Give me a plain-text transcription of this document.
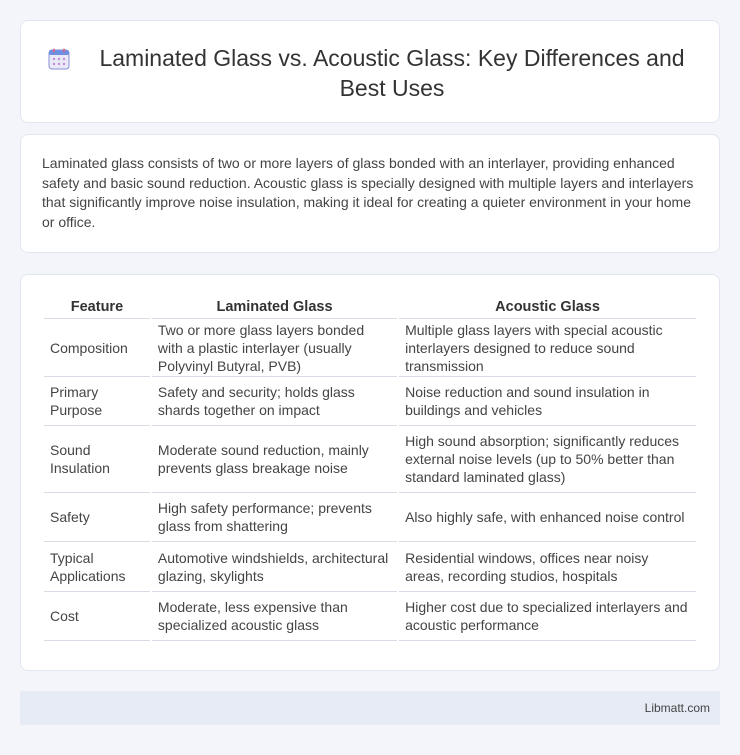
Laminated Glass vs. Acoustic Glass: Key Differences and Best Uses

Laminated glass consists of two or more layers of glass bonded with an interlayer, providing enhanced safety and basic sound reduction. Acoustic glass is specially designed with multiple layers and interlayers that significantly improve noise insulation, making it ideal for creating a quieter environment in your home or office.

Feature	Laminated Glass	Acoustic Glass
Composition	Two or more glass layers bonded with a plastic interlayer (usually Polyvinyl Butyral, PVB)	Multiple glass layers with special acoustic interlayers designed to reduce sound transmission
Primary Purpose	Safety and security; holds glass shards together on impact	Noise reduction and sound insulation in buildings and vehicles
Sound Insulation	Moderate sound reduction, mainly prevents glass breakage noise	High sound absorption; significantly reduces external noise levels (up to 50% better than standard laminated glass)
Safety	High safety performance; prevents glass from shattering	Also highly safe, with enhanced noise control
Typical Applications	Automotive windshields, architectural glazing, skylights	Residential windows, offices near noisy areas, recording studios, hospitals
Cost	Moderate, less expensive than specialized acoustic glass	Higher cost due to specialized interlayers and acoustic performance
Libmatt.com
